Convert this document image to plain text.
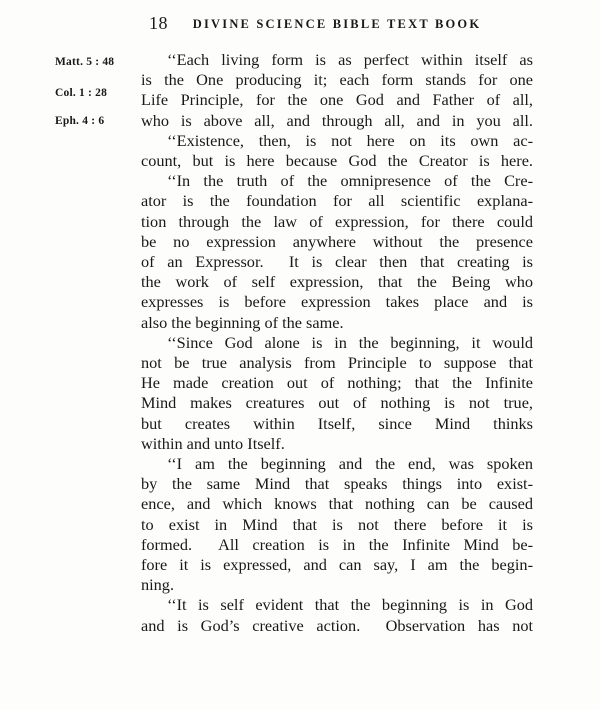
18	DIVINE SCIENCE BIBLE TEXT BOOK
Matt. 5 : 48
Col. 1 : 28
Eph. 4 : 6
‘‘Each living form is as perfect within itself as
is the One producing it; each form stands for one
Life Principle, for the one God and Father of all,
who is above all, and through all, and in you all.
‘‘Existence, then, is not here on its own ac-
count, but is here because God the Creator is here.
‘‘In the truth of the omnipresence of the Cre-
ator is the foundation for all scientific explana-
tion through the law of expression, for there could
be no expression anywhere without the presence
of an Expressor.  It is clear then that creating is
the work of self expression, that the Being who
expresses is before expression takes place and is
also the beginning of the same.
‘‘Since God alone is in the beginning, it would
not be true analysis from Principle to suppose that
He made creation out of nothing; that the Infinite
Mind makes creatures out of nothing is not true,
but creates within Itself, since Mind thinks
within and unto Itself.
‘‘I am the beginning and the end, was spoken
by the same Mind that speaks things into exist-
ence, and which knows that nothing can be caused
to exist in Mind that is not there before it is
formed.  All creation is in the Infinite Mind be-
fore it is expressed, and can say, I am the begin-
ning.
‘‘It is self evident that the beginning is in God
and is God’s creative action.  Observation has not
